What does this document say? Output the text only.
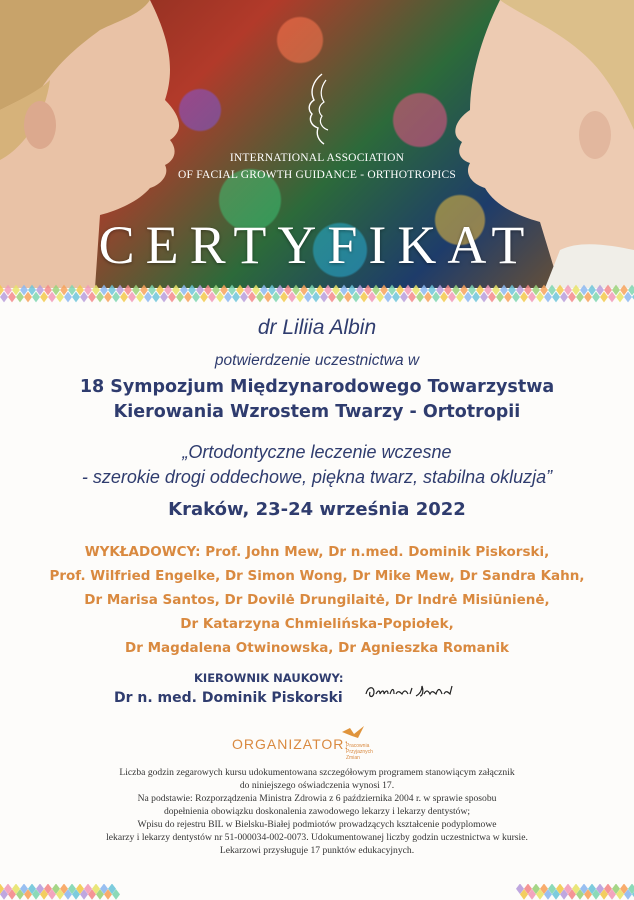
INTERNATIONAL ASSOCIATION
OF FACIAL GROWTH GUIDANCE - ORTHOTROPICS
CERTYFIKAT
dr Liliia Albin
potwierdzenie uczestnictwa w
18 Sympozjum Międzynarodowego Towarzystwa
Kierowania Wzrostem Twarzy - Ortotropii
„Ortodontyczne leczenie wczesne
- szerokie drogi oddechowe, piękna twarz, stabilna okluzja”
Kraków, 23-24 września 2022
WYKŁADOWCY: Prof. John Mew, Dr n.med. Dominik Piskorski,
Prof. Wilfried Engelke, Dr Simon Wong, Dr Mike Mew, Dr Sandra Kahn,
Dr Marisa Santos, Dr Dovilė Drungilaitė, Dr Indrė Misiūnienė,
Dr Katarzyna Chmielińska-Popiołek,
Dr Magdalena Otwinowska, Dr Agnieszka Romanik
KIEROWNIK NAUKOWY:
Dr n. med. Dominik Piskorski
ORGANIZATOR:
Pracownia Przyjaznych Zmian
Liczba godzin zegarowych kursu udokumentowana szczegółowym programem stanowiącym załącznik
do niniejszego oświadczenia wynosi 17.
Na podstawie: Rozporządzenia Ministra Zdrowia z 6 października 2004 r. w sprawie sposobu
dopełnienia obowiązku doskonalenia zawodowego lekarzy i lekarzy dentystów;
Wpisu do rejestru BIL w Bielsku-Białej podmiotów prowadzących kształcenie podyplomowe
lekarzy i lekarzy dentystów nr 51-000034-002-0073. Udokumentowanej liczby godzin uczestnictwa w kursie.
Lekarzowi przysługuje 17 punktów edukacyjnych.
